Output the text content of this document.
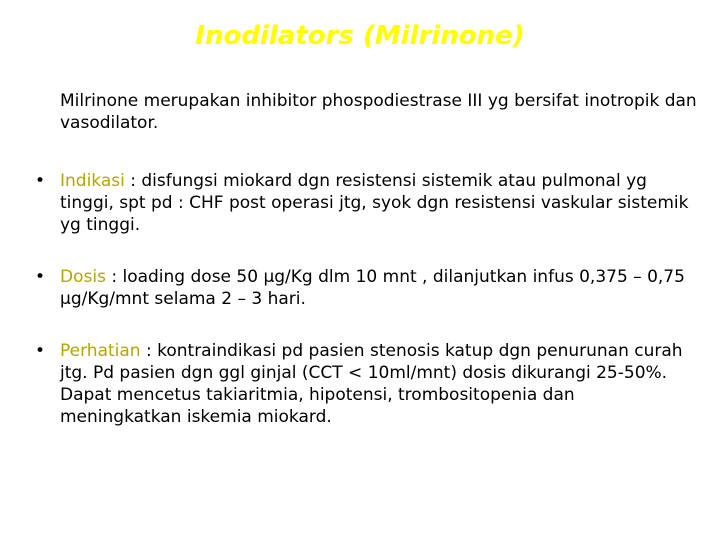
Inodilators (Milrinone)

Milrinone merupakan inhibitor phospodiestrase III yg bersifat inotropik dan vasodilator.

• Indikasi : disfungsi miokard dgn resistensi sistemik atau pulmonal yg tinggi, spt pd : CHF post operasi jtg, syok dgn resistensi vaskular sistemik yg tinggi.
• Dosis : loading dose 50 µg/Kg dlm 10 mnt , dilanjutkan infus 0,375 – 0,75 µg/Kg/mnt selama 2 – 3 hari.
• Perhatian : kontraindikasi pd pasien stenosis katup dgn penurunan curah jtg. Pd pasien dgn ggl ginjal (CCT < 10ml/mnt) dosis dikurangi 25-50%. Dapat mencetus takiaritmia, hipotensi, trombositopenia dan meningkatkan iskemia miokard.
